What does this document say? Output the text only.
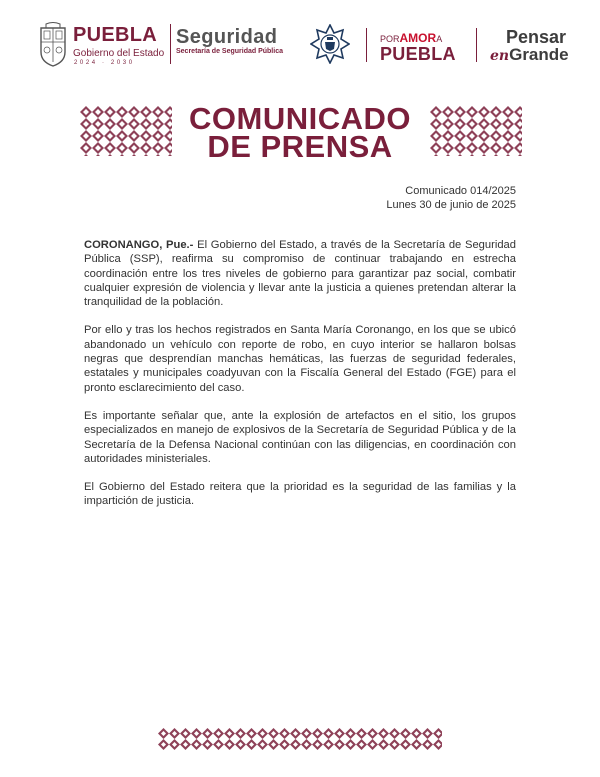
PUEBLA
Gobierno del Estado
2024 · 2030
Seguridad
Secretaría de Seguridad Pública
PORAMORA
PUEBLA
Pensar
enGrande
COMUNICADO
DE PRENSA
Comunicado 014/2025
Lunes 30 de junio de 2025

CORONANGO, Pue.- El Gobierno del Estado, a través de la Secretaría de Seguridad Pública (SSP), reafirma su compromiso de continuar trabajando en estrecha coordinación entre los tres niveles de gobierno para garantizar paz social, combatir cualquier expresión de violencia y llevar ante la justicia a quienes pretendan alterar la tranquilidad de la población.

Por ello y tras los hechos registrados en Santa María Coronango, en los que se ubicó abandonado un vehículo con reporte de robo, en cuyo interior se hallaron bolsas negras que desprendían manchas hemáticas, las fuerzas de seguridad federales, estatales y municipales coadyuvan con la Fiscalía General del Estado (FGE) para el pronto esclarecimiento del caso.

Es importante señalar que, ante la explosión de artefactos en el sitio, los grupos especializados en manejo de explosivos de la Secretaría de Seguridad Pública y de la Secretaría de la Defensa Nacional continúan con las diligencias, en coordinación con autoridades ministeriales.

El Gobierno del Estado reitera que la prioridad es la seguridad de las familias y la impartición de justicia.
